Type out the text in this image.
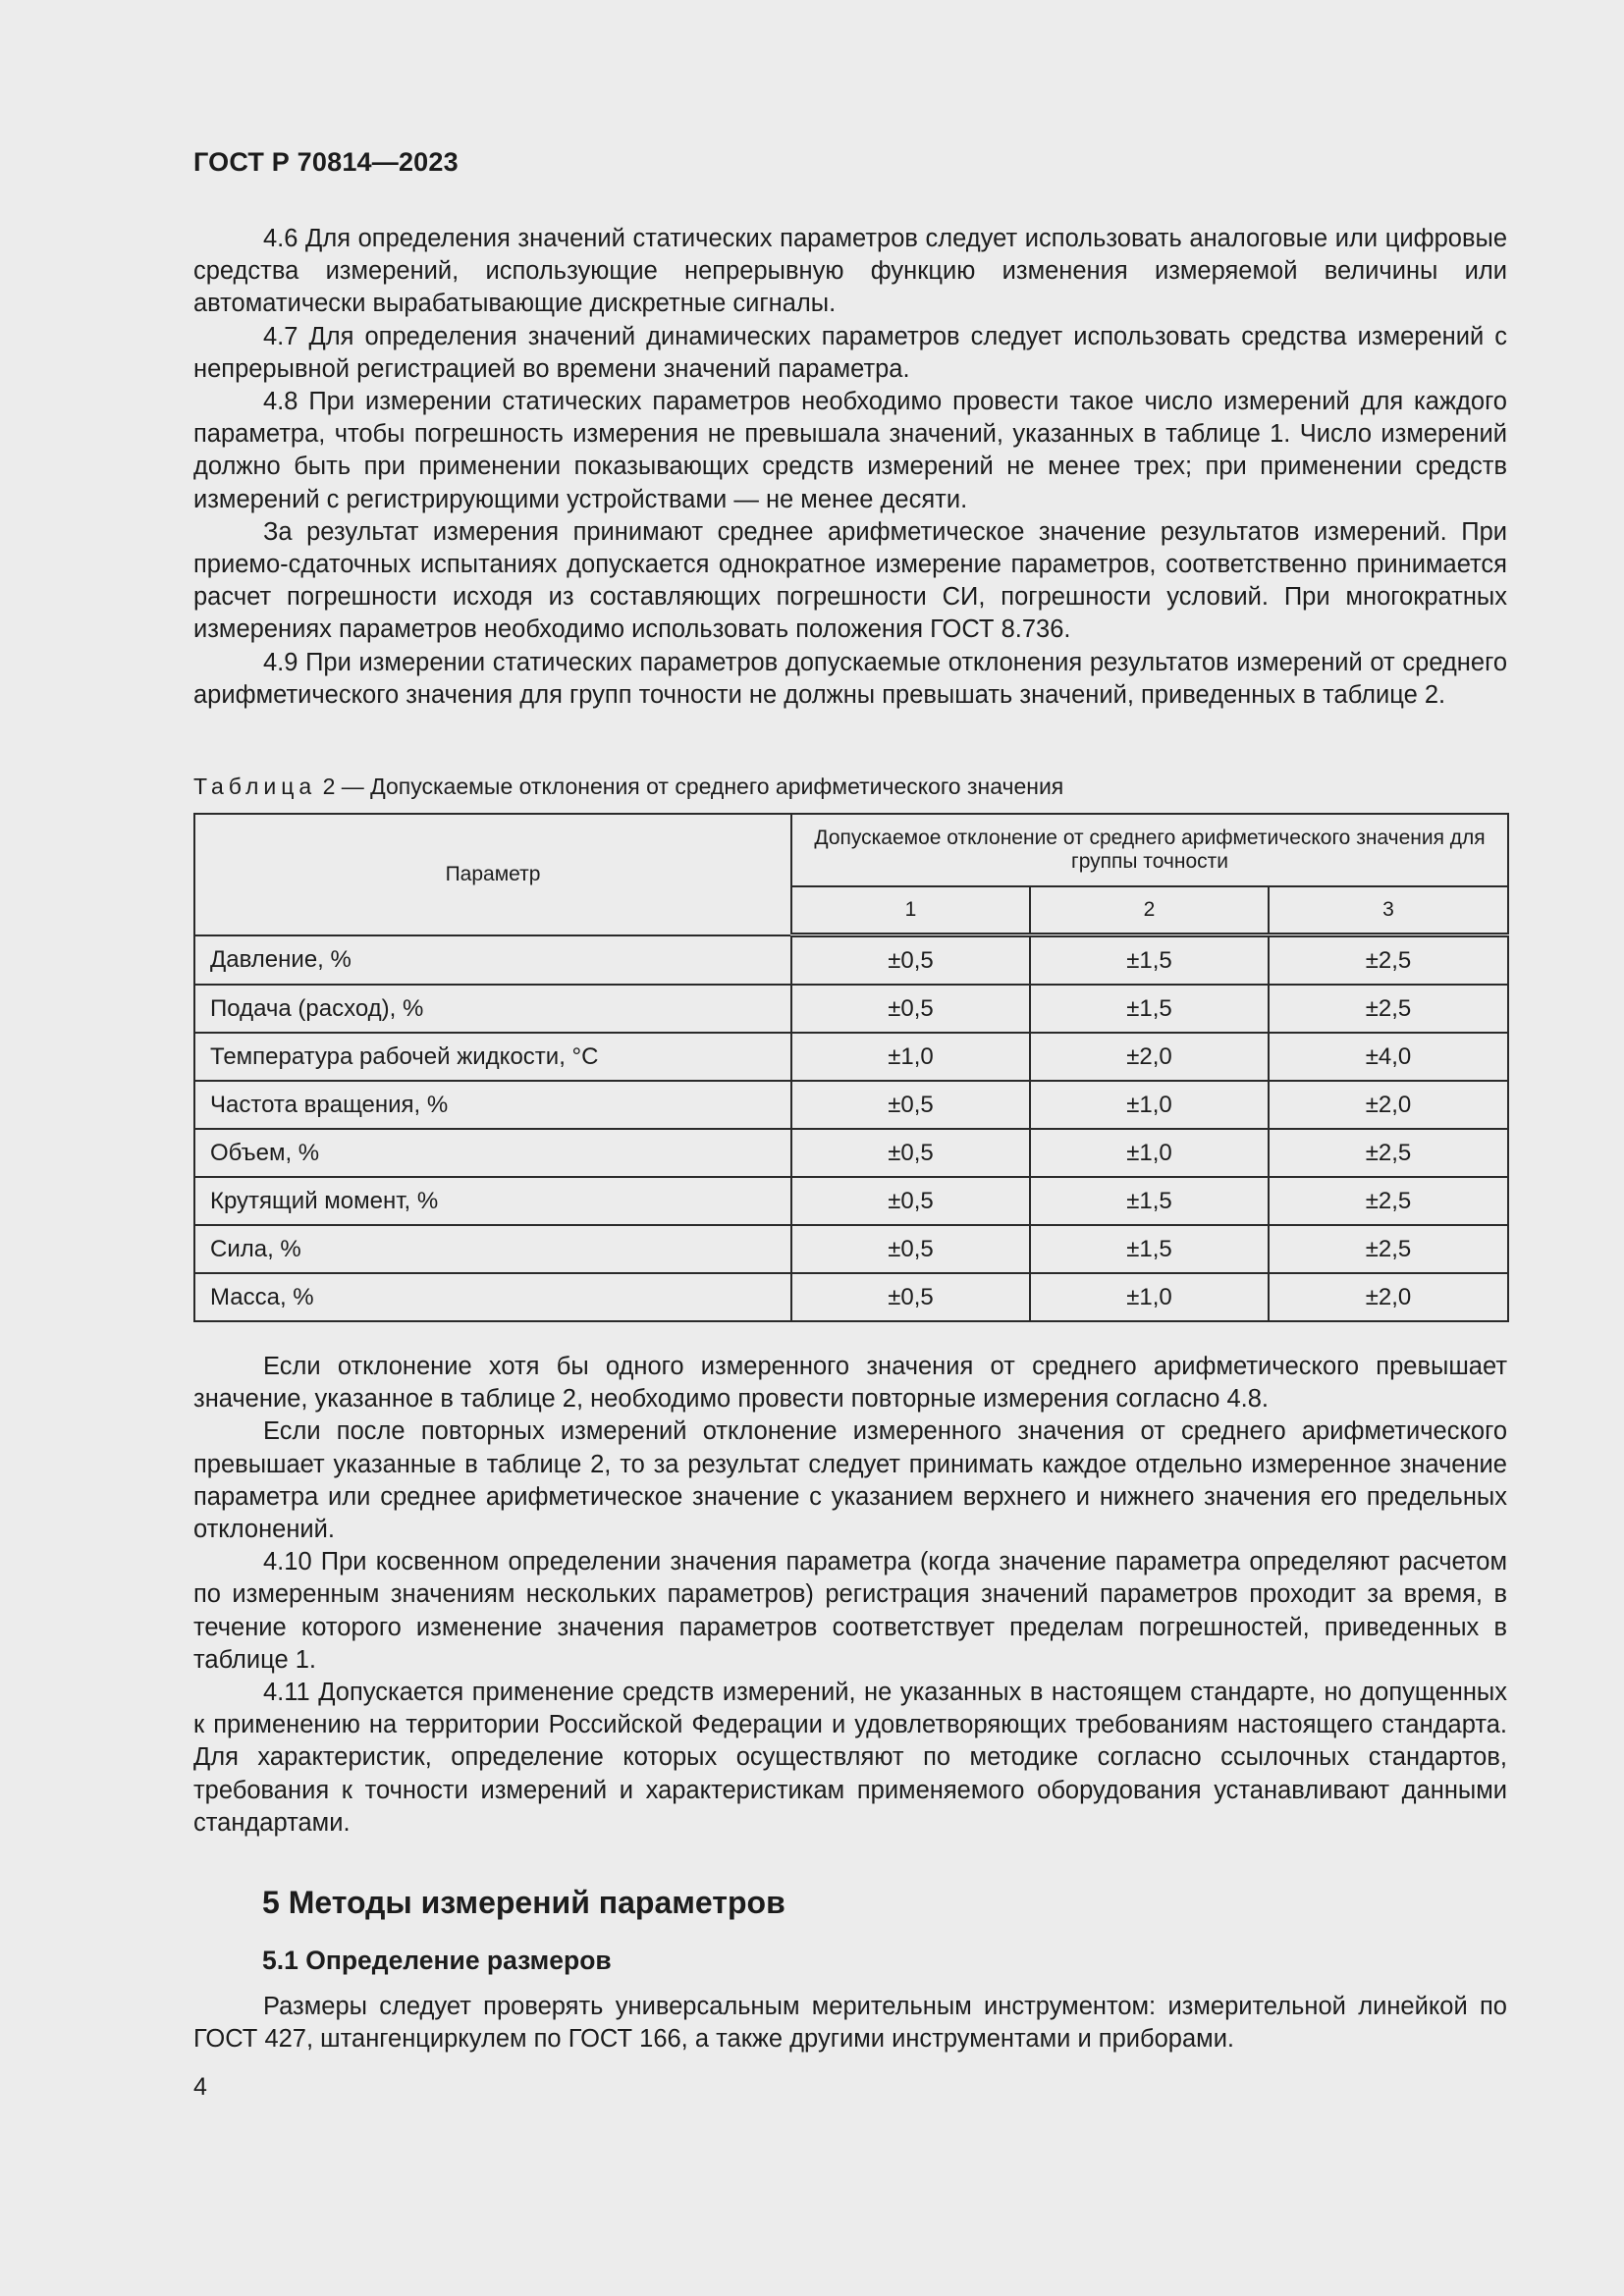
ГОСТ Р 70814—2023

4.6 Для определения значений статических параметров следует использовать аналоговые или цифровые средства измерений, использующие непрерывную функцию изменения измеряемой величины или автоматически вырабатывающие дискретные сигналы.

4.7 Для определения значений динамических параметров следует использовать средства измерений с непрерывной регистрацией во времени значений параметра.

4.8 При измерении статических параметров необходимо провести такое число измерений для каждого параметра, чтобы погрешность измерения не превышала значений, указанных в таблице 1. Число измерений должно быть при применении показывающих средств измерений не менее трех; при применении средств измерений с регистрирующими устройствами — не менее десяти.

За результат измерения принимают среднее арифметическое значение результатов измерений. При приемо-сдаточных испытаниях допускается однократное измерение параметров, соответственно принимается расчет погрешности исходя из составляющих погрешности СИ, погрешности условий. При многократных измерениях параметров необходимо использовать положения ГОСТ 8.736.

4.9 При измерении статических параметров допускаемые отклонения результатов измерений от среднего арифметического значения для групп точности не должны превышать значений, приведенных в таблице 2.

Таблица 2 — Допускаемые отклонения от среднего арифметического значения
Параметр	Допускаемое отклонение от среднего арифметического значения для группы точности		
	1	2	3
Давление, %	±0,5	±1,5	±2,5
Подача (расход), %	±0,5	±1,5	±2,5
Температура рабочей жидкости, °С	±1,0	±2,0	±4,0
Частота вращения, %	±0,5	±1,0	±2,0
Объем, %	±0,5	±1,0	±2,5
Крутящий момент, %	±0,5	±1,5	±2,5
Сила, %	±0,5	±1,5	±2,5
Масса, %	±0,5	±1,0	±2,0

Если отклонение хотя бы одного измеренного значения от среднего арифметического превышает значение, указанное в таблице 2, необходимо провести повторные измерения согласно 4.8.

Если после повторных измерений отклонение измеренного значения от среднего арифметического превышает указанные в таблице 2, то за результат следует принимать каждое отдельно измеренное значение параметра или среднее арифметическое значение с указанием верхнего и нижнего значения его предельных отклонений.

4.10 При косвенном определении значения параметра (когда значение параметра определяют расчетом по измеренным значениям нескольких параметров) регистрация значений параметров проходит за время, в течение которого изменение значения параметров соответствует пределам погрешностей, приведенных в таблице 1.

4.11 Допускается применение средств измерений, не указанных в настоящем стандарте, но допущенных к применению на территории Российской Федерации и удовлетворяющих требованиям настоящего стандарта. Для характеристик, определение которых осуществляют по методике согласно ссылочных стандартов, требования к точности измерений и характеристикам применяемого оборудования устанавливают данными стандартами.

5 Методы измерений параметров
5.1 Определение размеров

Размеры следует проверять универсальным мерительным инструментом: измерительной линейкой по ГОСТ 427, штангенциркулем по ГОСТ 166, а также другими инструментами и приборами.

4
